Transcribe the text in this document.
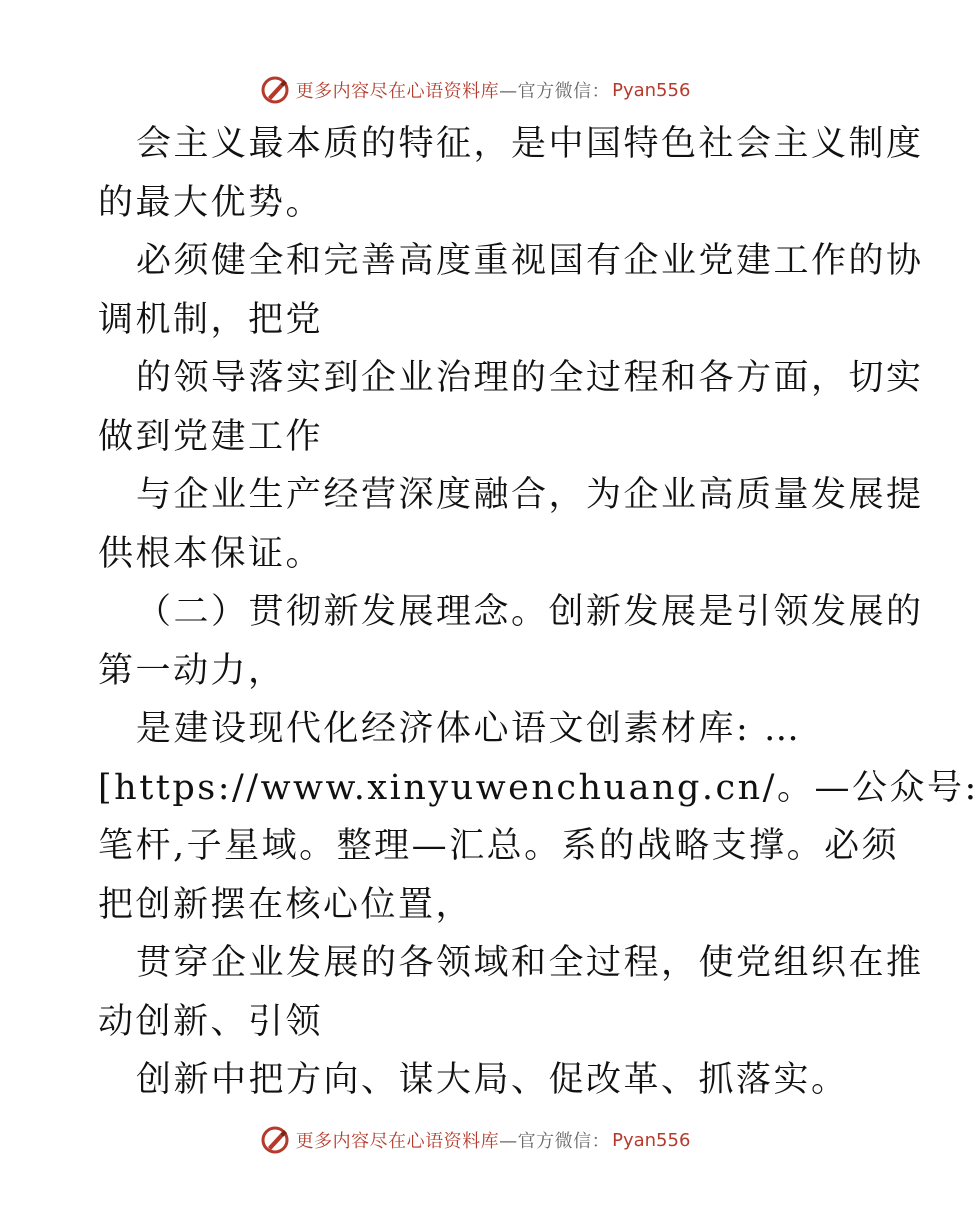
更多内容尽在心语资料库 —官方微信： Pyan556
会主义最本质的特征，是中国特色社会主义制度
的最大优势。
必须健全和完善高度重视国有企业党建工作的协
调机制，把党
的领导落实到企业治理的全过程和各方面，切实
做到党建工作
与企业生产经营深度融合，为企业高质量发展提
供根本保证。
（二）贯彻新发展理念。创新发展是引领发展的
第一动力，
是建设现代化经济体心语文创素材库: …
[https://www.xinyuwenchuang.cn/。—公众号:
笔杆,子星域。整理—汇总。系的战略支撑。必须
把创新摆在核心位置，
贯穿企业发展的各领域和全过程，使党组织在推
动创新、引领
创新中把方向、谋大局、促改革、抓落实。
更多内容尽在心语资料库 —官方微信： Pyan556
